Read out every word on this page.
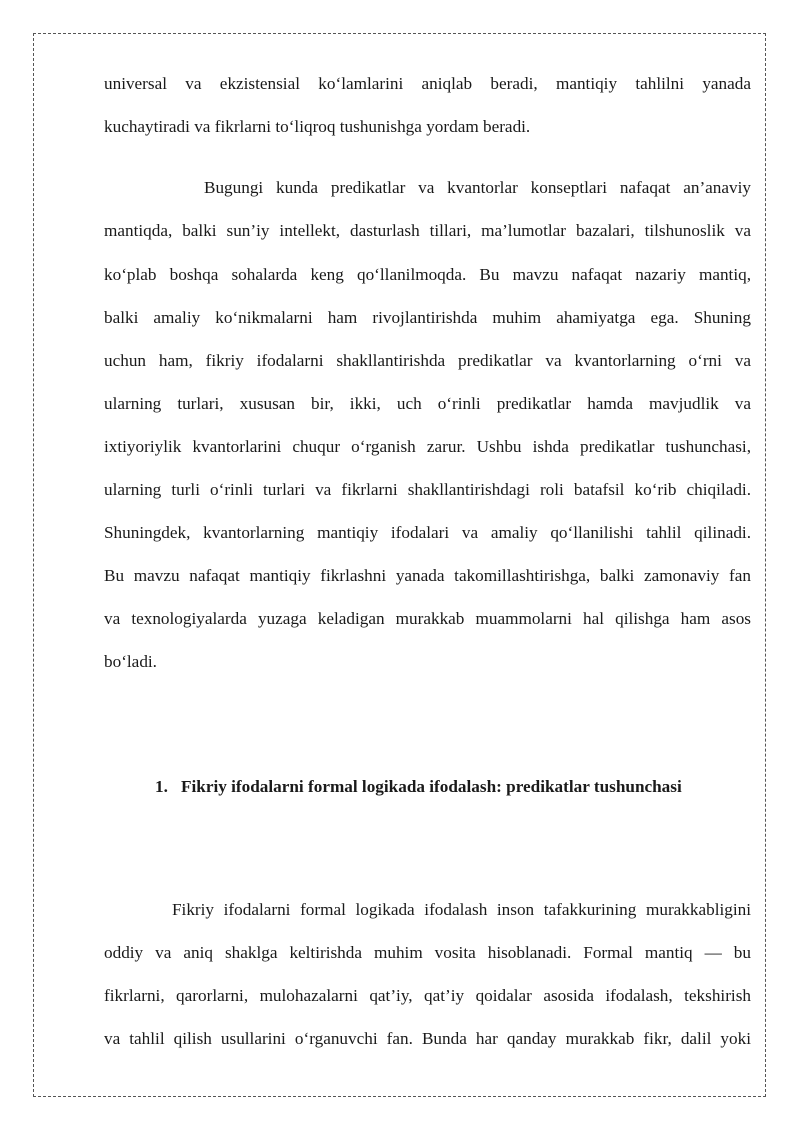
universal va ekzistensial ko‘lamlarini aniqlab beradi, mantiqiy tahlilni yanada
kuchaytiradi va fikrlarni to‘liqroq tushunishga yordam beradi.
Bugungi kunda predikatlar va kvantorlar konseptlari nafaqat an’anaviy
mantiqda, balki sun’iy intellekt, dasturlash tillari, ma’lumotlar bazalari, tilshunoslik va
ko‘plab boshqa sohalarda keng qo‘llanilmoqda. Bu mavzu nafaqat nazariy mantiq,
balki amaliy ko‘nikmalarni ham rivojlantirishda muhim ahamiyatga ega. Shuning
uchun ham, fikriy ifodalarni shakllantirishda predikatlar va kvantorlarning o‘rni va
ularning turlari, xususan bir, ikki, uch o‘rinli predikatlar hamda mavjudlik va
ixtiyoriylik kvantorlarini chuqur o‘rganish zarur. Ushbu ishda predikatlar tushunchasi,
ularning turli o‘rinli turlari va fikrlarni shakllantirishdagi roli batafsil ko‘rib chiqiladi.
Shuningdek, kvantorlarning mantiqiy ifodalari va amaliy qo‘llanilishi tahlil qilinadi.
Bu mavzu nafaqat mantiqiy fikrlashni yanada takomillashtirishga, balki zamonaviy fan
va texnologiyalarda yuzaga keladigan murakkab muammolarni hal qilishga ham asos
bo‘ladi.
1. Fikriy ifodalarni formal logikada ifodalash: predikatlar tushunchasi
Fikriy ifodalarni formal logikada ifodalash inson tafakkurining murakkabligini
oddiy va aniq shaklga keltirishda muhim vosita hisoblanadi. Formal mantiq — bu
fikrlarni, qarorlarni, mulohazalarni qat’iy, qat’iy qoidalar asosida ifodalash, tekshirish
va tahlil qilish usullarini o‘rganuvchi fan. Bunda har qanday murakkab fikr, dalil yoki
